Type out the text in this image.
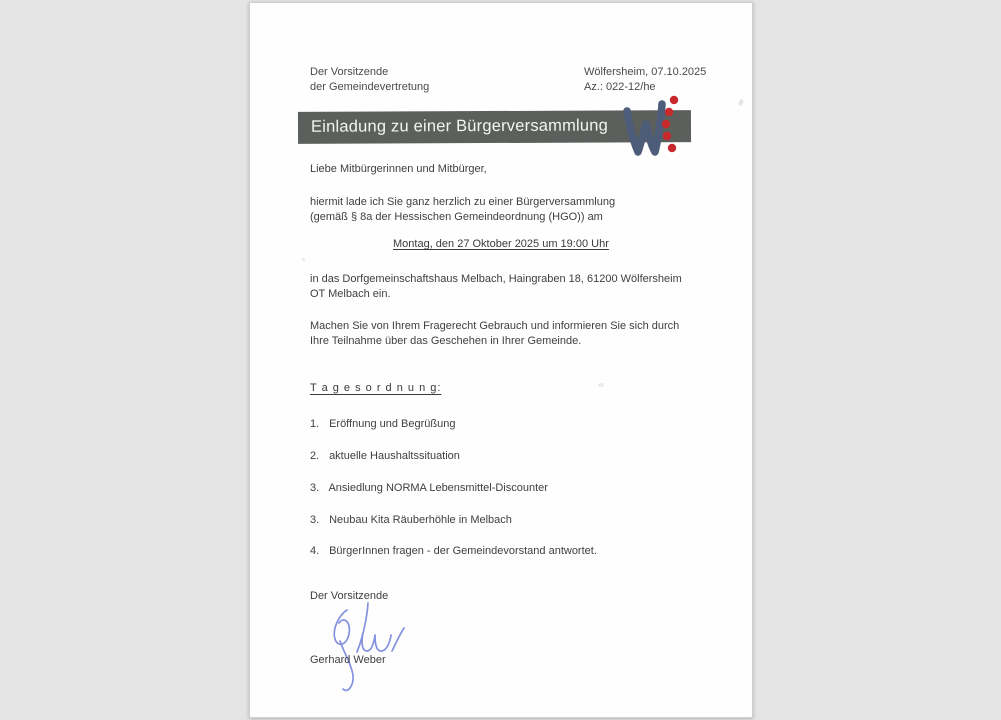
Der Vorsitzende
der Gemeindevertretung
Wölfersheim, 07.10.2025
Az.: 022-12/he
Einladung zu einer Bürgerversammlung
Liebe Mitbürgerinnen und Mitbürger,
hiermit lade ich Sie ganz herzlich zu einer Bürgerversammlung
(gemäß § 8a der Hessischen Gemeindeordnung (HGO)) am
Montag, den 27 Oktober 2025 um 19:00 Uhr
in das Dorfgemeinschaftshaus Melbach, Haingraben 18, 61200 Wölfersheim
OT Melbach ein.
Machen Sie von Ihrem Fragerecht Gebrauch und informieren Sie sich durch
Ihre Teilnahme über das Geschehen in Ihrer Gemeinde.
T a g e s o r d n u n g:
1. Eröffnung und Begrüßung
2. aktuelle Haushaltssituation
3. Ansiedlung NORMA Lebensmittel-Discounter
3. Neubau Kita Räuberhöhle in Melbach
4. BürgerInnen fragen - der Gemeindevorstand antwortet.
Der Vorsitzende
Gerhard Weber
